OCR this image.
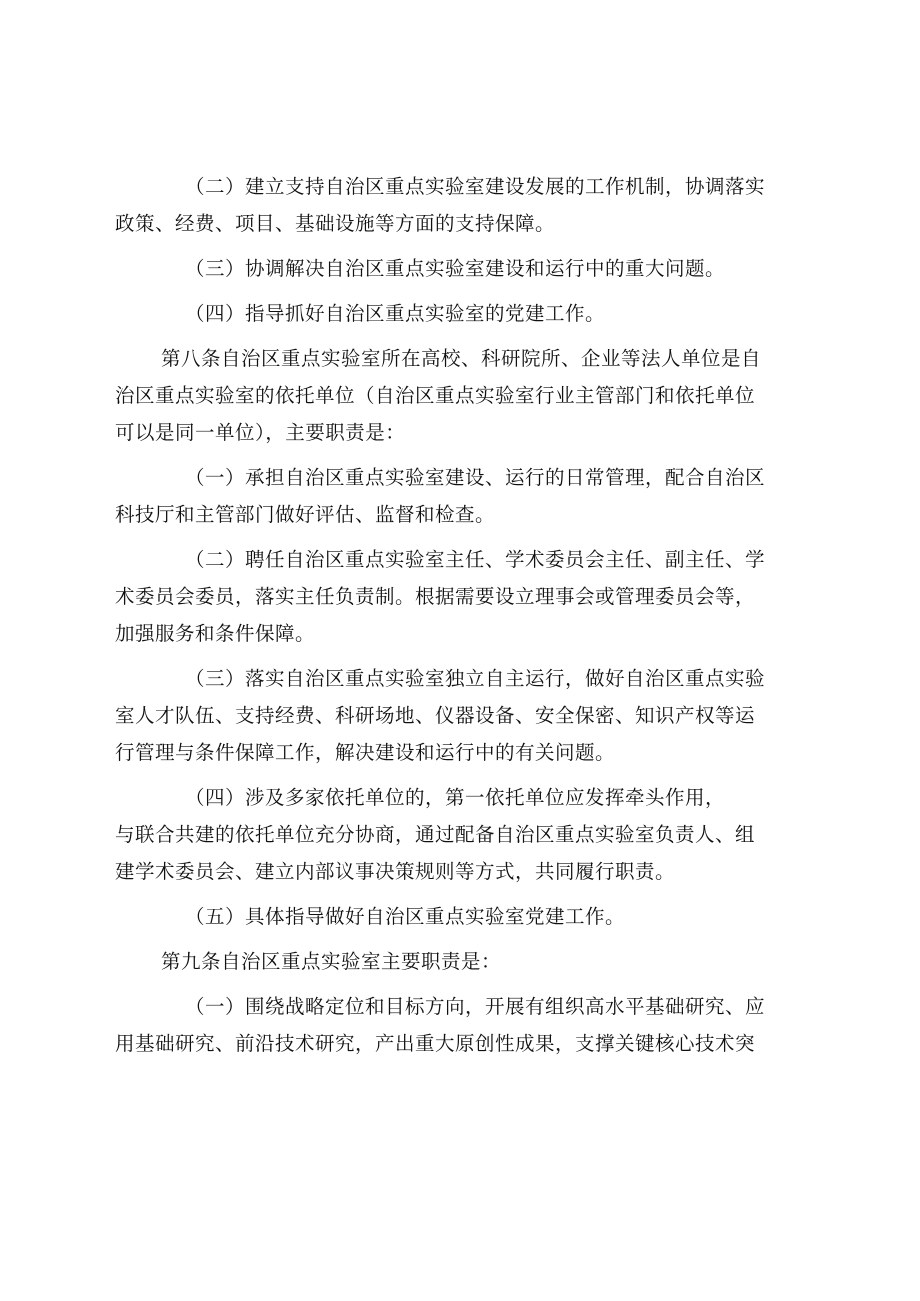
（二）建立支持自治区重点实验室建设发展的工作机制，协调落实
政策、经费、项目、基础设施等方面的支持保障。
（三）协调解决自治区重点实验室建设和运行中的重大问题。
（四）指导抓好自治区重点实验室的党建工作。
第八条自治区重点实验室所在高校、科研院所、企业等法人单位是自
治区重点实验室的依托单位（自治区重点实验室行业主管部门和依托单位
可以是同一单位），主要职责是：
（一）承担自治区重点实验室建设、运行的日常管理，配合自治区
科技厅和主管部门做好评估、监督和检查。
（二）聘任自治区重点实验室主任、学术委员会主任、副主任、学
术委员会委员，落实主任负责制。根据需要设立理事会或管理委员会等，
加强服务和条件保障。
（三）落实自治区重点实验室独立自主运行，做好自治区重点实验
室人才队伍、支持经费、科研场地、仪器设备、安全保密、知识产权等运
行管理与条件保障工作，解决建设和运行中的有关问题。
（四）涉及多家依托单位的，第一依托单位应发挥牵头作用，
与联合共建的依托单位充分协商，通过配备自治区重点实验室负责人、组
建学术委员会、建立内部议事决策规则等方式，共同履行职责。
（五）具体指导做好自治区重点实验室党建工作。
第九条自治区重点实验室主要职责是：
（一）围绕战略定位和目标方向，开展有组织高水平基础研究、应
用基础研究、前沿技术研究，产出重大原创性成果，支撑关键核心技术突
